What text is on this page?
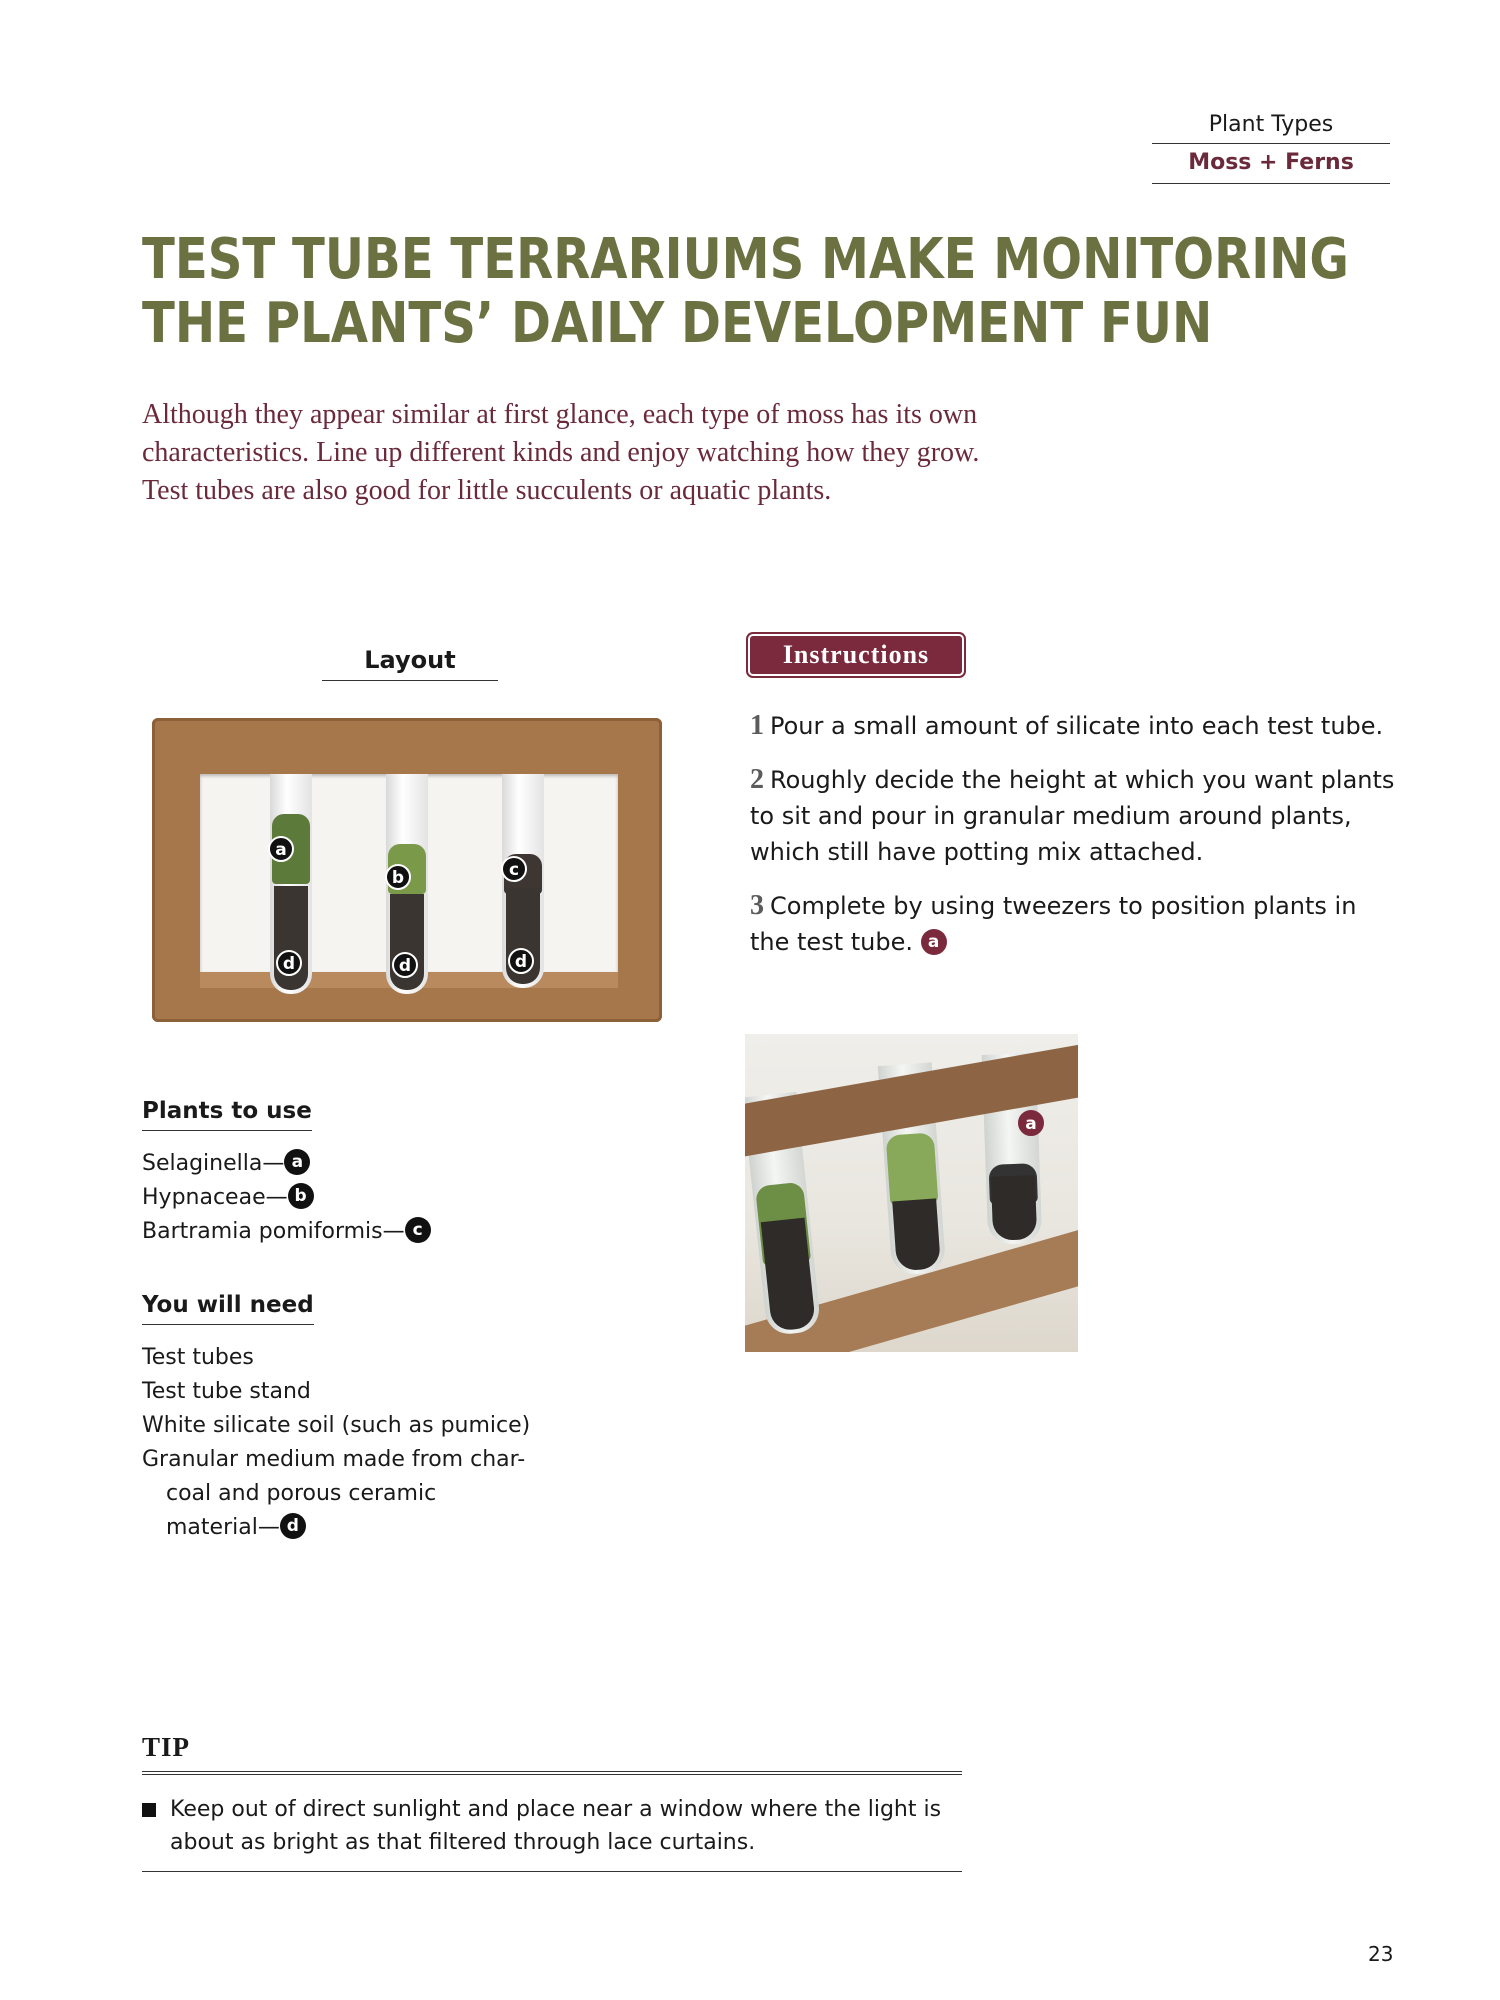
Plant Types
Moss + Ferns
TEST TUBE TERRARIUMS MAKE MONITORING
THE PLANTS’ DAILY DEVELOPMENT FUN

Although they appear similar at first glance, each type of moss has its own

characteristics. Line up different kinds and enjoy watching how they grow.

Test tubes are also good for little succulents or aquatic plants.

Layout
a
b	c
d	d	d
Plants to use
Selaginella— a
Hypnaceae— b
Bartramia pomiformis— c
You will need
Test tubes
Test tube stand
White silicate soil (such as pumice)
Granular medium made from char-
coal and porous ceramic
material— d
Instructions

1 Pour a small amount of silicate into each test tube.

2 Roughly decide the height at which you want plants to sit and pour in granular medium around plants, which still have potting mix attached.

3 Complete by using tweezers to position plants in the test tube. a

a
TIP
Keep out of direct sunlight and place near a window where the light is about as bright as that filtered through lace curtains.
23
